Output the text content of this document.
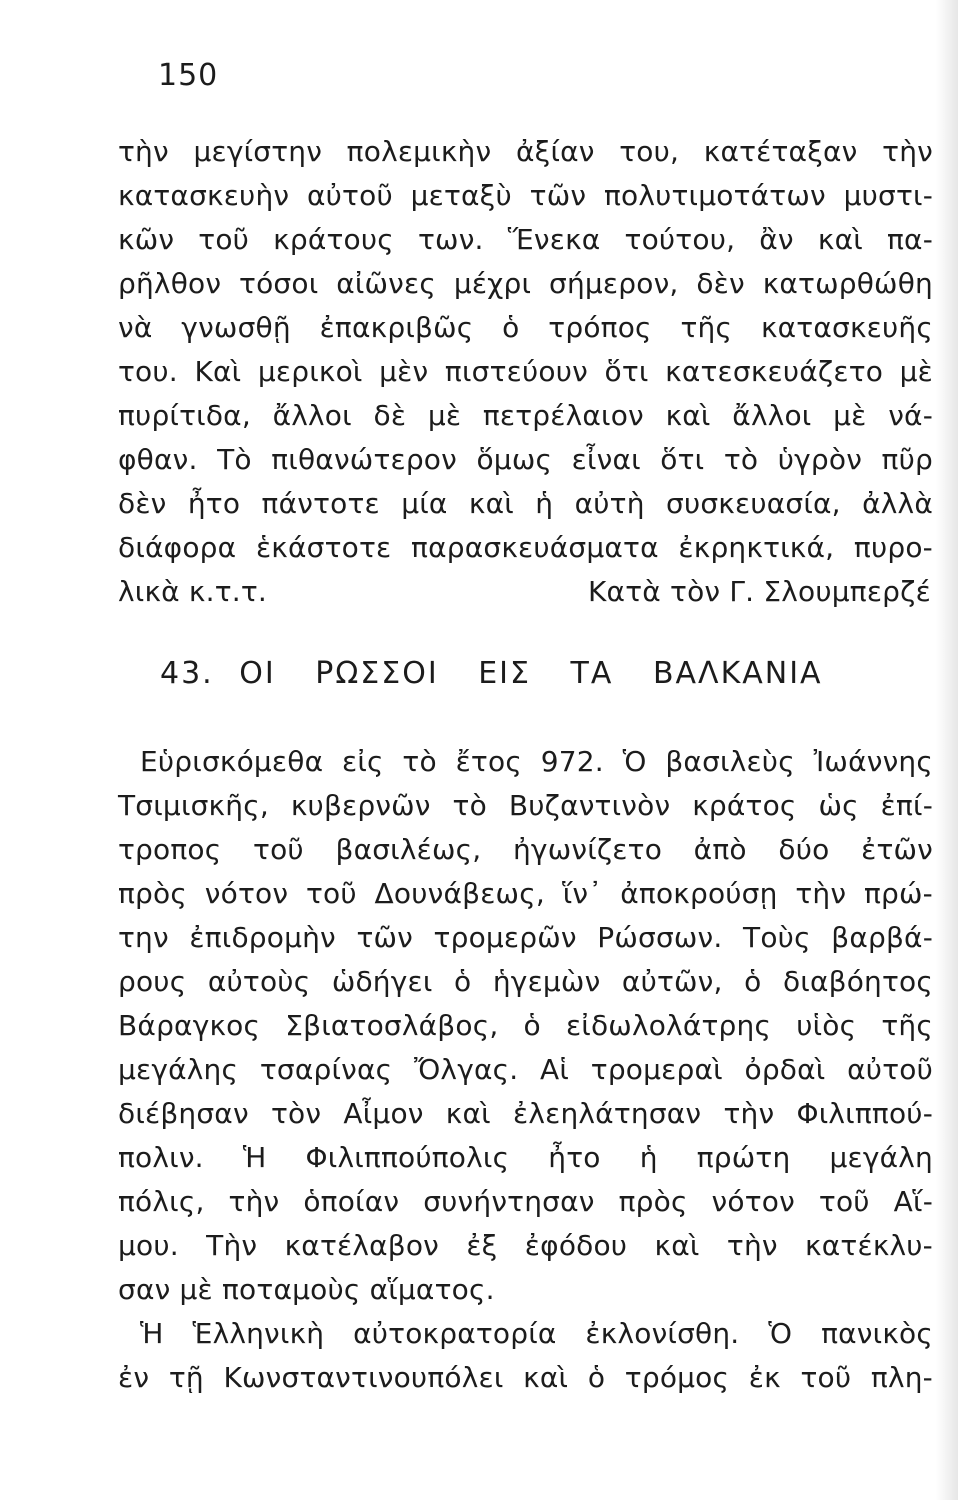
150
τὴν μεγίστην πολεμικὴν ἀξίαν του, κατέταξαν τὴν
κατασκευὴν αὐτοῦ μεταξὺ τῶν πολυτιμοτάτων μυστι-
κῶν τοῦ κράτους των. Ἕνεκα τούτου, ἂν καὶ πα-
ρῆλθον τόσοι αἰῶνες μέχρι σήμερον, δὲν κατωρθώθη
νὰ γνωσθῇ ἐπακριβῶς ὁ τρόπος τῆς κατασκευῆς
του. Καὶ μερικοὶ μὲν πιστεύουν ὅτι κατεσκευάζετο μὲ
πυρίτιδα, ἄλλοι δὲ μὲ πετρέλαιον καὶ ἄλλοι μὲ νά-
φθαν. Τὸ πιθανώτερον ὅμως εἶναι ὅτι τὸ ὑγρὸν πῦρ
δὲν ἦτο πάντοτε μία καὶ ἡ αὐτὴ συσκευασία, ἀλλὰ
διάφορα ἑκάστοτε παρασκευάσματα ἐκρηκτικά, πυρο-
λικὰ κ.τ.τ.	Κατὰ τὸν Γ. Σλουμπερζέ
43. ΟΙ ΡΩΣΣΟΙ ΕΙΣ ΤΑ ΒΑΛΚΑΝΙΑ
Εὑρισκόμεθα εἰς τὸ ἔτος 972. Ὁ βασιλεὺς Ἰωάννης
Τσιμισκῆς, κυβερνῶν τὸ Βυζαντινὸν κράτος ὡς ἐπί-
τροπος τοῦ βασιλέως, ἠγωνίζετο ἀπὸ δύο ἐτῶν
πρὸς νότον τοῦ Δουνάβεως, ἵν᾽ ἀποκρούσῃ τὴν πρώ-
την ἐπιδρομὴν τῶν τρομερῶν Ρώσσων. Τοὺς βαρβά-
ρους αὐτοὺς ὡδήγει ὁ ἡγεμὼν αὐτῶν, ὁ διαβόητος
Βάραγκος Σβιατοσλάβος, ὁ εἰδωλολάτρης υἱὸς τῆς
μεγάλης τσαρίνας Ὄλγας. Αἱ τρομεραὶ ὀρδαὶ αὐτοῦ
διέβησαν τὸν Αἶμον καὶ ἐλεηλάτησαν τὴν Φιλιππού-
πολιν. Ἡ Φιλιππούπολις ἦτο ἡ πρώτη μεγάλη
πόλις, τὴν ὁποίαν συνήντησαν πρὸς νότον τοῦ Αἵ-
μου. Τὴν κατέλαβον ἐξ ἐφόδου καὶ τὴν κατέκλυ-
σαν μὲ ποταμοὺς αἵματος.
Ἡ Ἑλληνικὴ αὐτοκρατορία ἐκλονίσθη. Ὁ πανικὸς
ἐν τῇ Κωνσταντινουπόλει καὶ ὁ τρόμος ἐκ τοῦ πλη-
